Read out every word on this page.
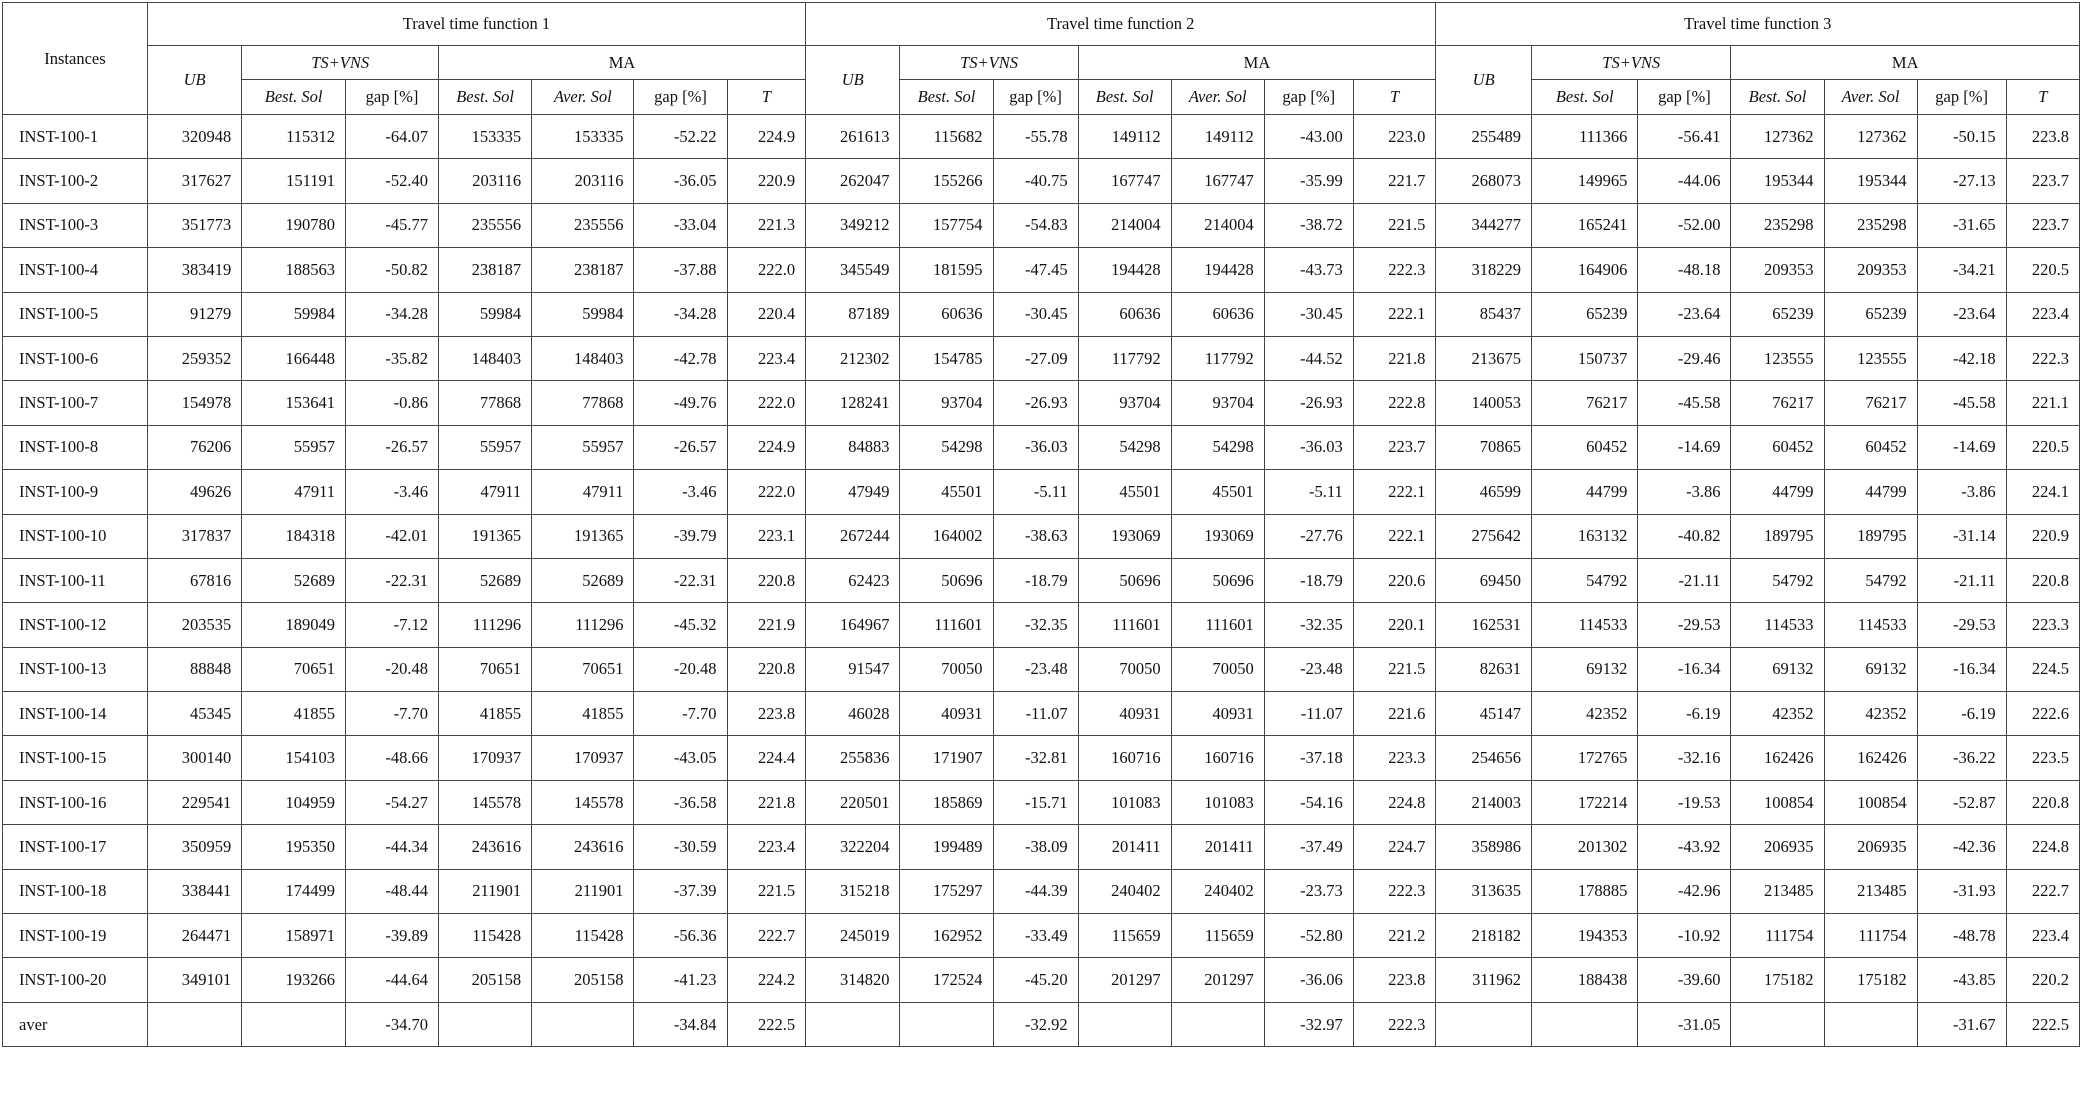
Instances	Travel time function 1							Travel time function 2							Travel time function 3						
	UB	TS+VNS		MA				UB	TS+VNS		MA				UB	TS+VNS		MA			
		Best. Sol	gap [%]	Best. Sol	Aver. Sol	gap [%]	T		Best. Sol	gap [%]	Best. Sol	Aver. Sol	gap [%]	T		Best. Sol	gap [%]	Best. Sol	Aver. Sol	gap [%]	T
INST-100-1	320948	115312	-64.07	153335	153335	-52.22	224.9	261613	115682	-55.78	149112	149112	-43.00	223.0	255489	111366	-56.41	127362	127362	-50.15	223.8
INST-100-2	317627	151191	-52.40	203116	203116	-36.05	220.9	262047	155266	-40.75	167747	167747	-35.99	221.7	268073	149965	-44.06	195344	195344	-27.13	223.7
INST-100-3	351773	190780	-45.77	235556	235556	-33.04	221.3	349212	157754	-54.83	214004	214004	-38.72	221.5	344277	165241	-52.00	235298	235298	-31.65	223.7
INST-100-4	383419	188563	-50.82	238187	238187	-37.88	222.0	345549	181595	-47.45	194428	194428	-43.73	222.3	318229	164906	-48.18	209353	209353	-34.21	220.5
INST-100-5	91279	59984	-34.28	59984	59984	-34.28	220.4	87189	60636	-30.45	60636	60636	-30.45	222.1	85437	65239	-23.64	65239	65239	-23.64	223.4
INST-100-6	259352	166448	-35.82	148403	148403	-42.78	223.4	212302	154785	-27.09	117792	117792	-44.52	221.8	213675	150737	-29.46	123555	123555	-42.18	222.3
INST-100-7	154978	153641	-0.86	77868	77868	-49.76	222.0	128241	93704	-26.93	93704	93704	-26.93	222.8	140053	76217	-45.58	76217	76217	-45.58	221.1
INST-100-8	76206	55957	-26.57	55957	55957	-26.57	224.9	84883	54298	-36.03	54298	54298	-36.03	223.7	70865	60452	-14.69	60452	60452	-14.69	220.5
INST-100-9	49626	47911	-3.46	47911	47911	-3.46	222.0	47949	45501	-5.11	45501	45501	-5.11	222.1	46599	44799	-3.86	44799	44799	-3.86	224.1
INST-100-10	317837	184318	-42.01	191365	191365	-39.79	223.1	267244	164002	-38.63	193069	193069	-27.76	222.1	275642	163132	-40.82	189795	189795	-31.14	220.9
INST-100-11	67816	52689	-22.31	52689	52689	-22.31	220.8	62423	50696	-18.79	50696	50696	-18.79	220.6	69450	54792	-21.11	54792	54792	-21.11	220.8
INST-100-12	203535	189049	-7.12	111296	111296	-45.32	221.9	164967	111601	-32.35	111601	111601	-32.35	220.1	162531	114533	-29.53	114533	114533	-29.53	223.3
INST-100-13	88848	70651	-20.48	70651	70651	-20.48	220.8	91547	70050	-23.48	70050	70050	-23.48	221.5	82631	69132	-16.34	69132	69132	-16.34	224.5
INST-100-14	45345	41855	-7.70	41855	41855	-7.70	223.8	46028	40931	-11.07	40931	40931	-11.07	221.6	45147	42352	-6.19	42352	42352	-6.19	222.6
INST-100-15	300140	154103	-48.66	170937	170937	-43.05	224.4	255836	171907	-32.81	160716	160716	-37.18	223.3	254656	172765	-32.16	162426	162426	-36.22	223.5
INST-100-16	229541	104959	-54.27	145578	145578	-36.58	221.8	220501	185869	-15.71	101083	101083	-54.16	224.8	214003	172214	-19.53	100854	100854	-52.87	220.8
INST-100-17	350959	195350	-44.34	243616	243616	-30.59	223.4	322204	199489	-38.09	201411	201411	-37.49	224.7	358986	201302	-43.92	206935	206935	-42.36	224.8
INST-100-18	338441	174499	-48.44	211901	211901	-37.39	221.5	315218	175297	-44.39	240402	240402	-23.73	222.3	313635	178885	-42.96	213485	213485	-31.93	222.7
INST-100-19	264471	158971	-39.89	115428	115428	-56.36	222.7	245019	162952	-33.49	115659	115659	-52.80	221.2	218182	194353	-10.92	111754	111754	-48.78	223.4
INST-100-20	349101	193266	-44.64	205158	205158	-41.23	224.2	314820	172524	-45.20	201297	201297	-36.06	223.8	311962	188438	-39.60	175182	175182	-43.85	220.2
aver			-34.70			-34.84	222.5			-32.92			-32.97	222.3			-31.05			-31.67	222.5
